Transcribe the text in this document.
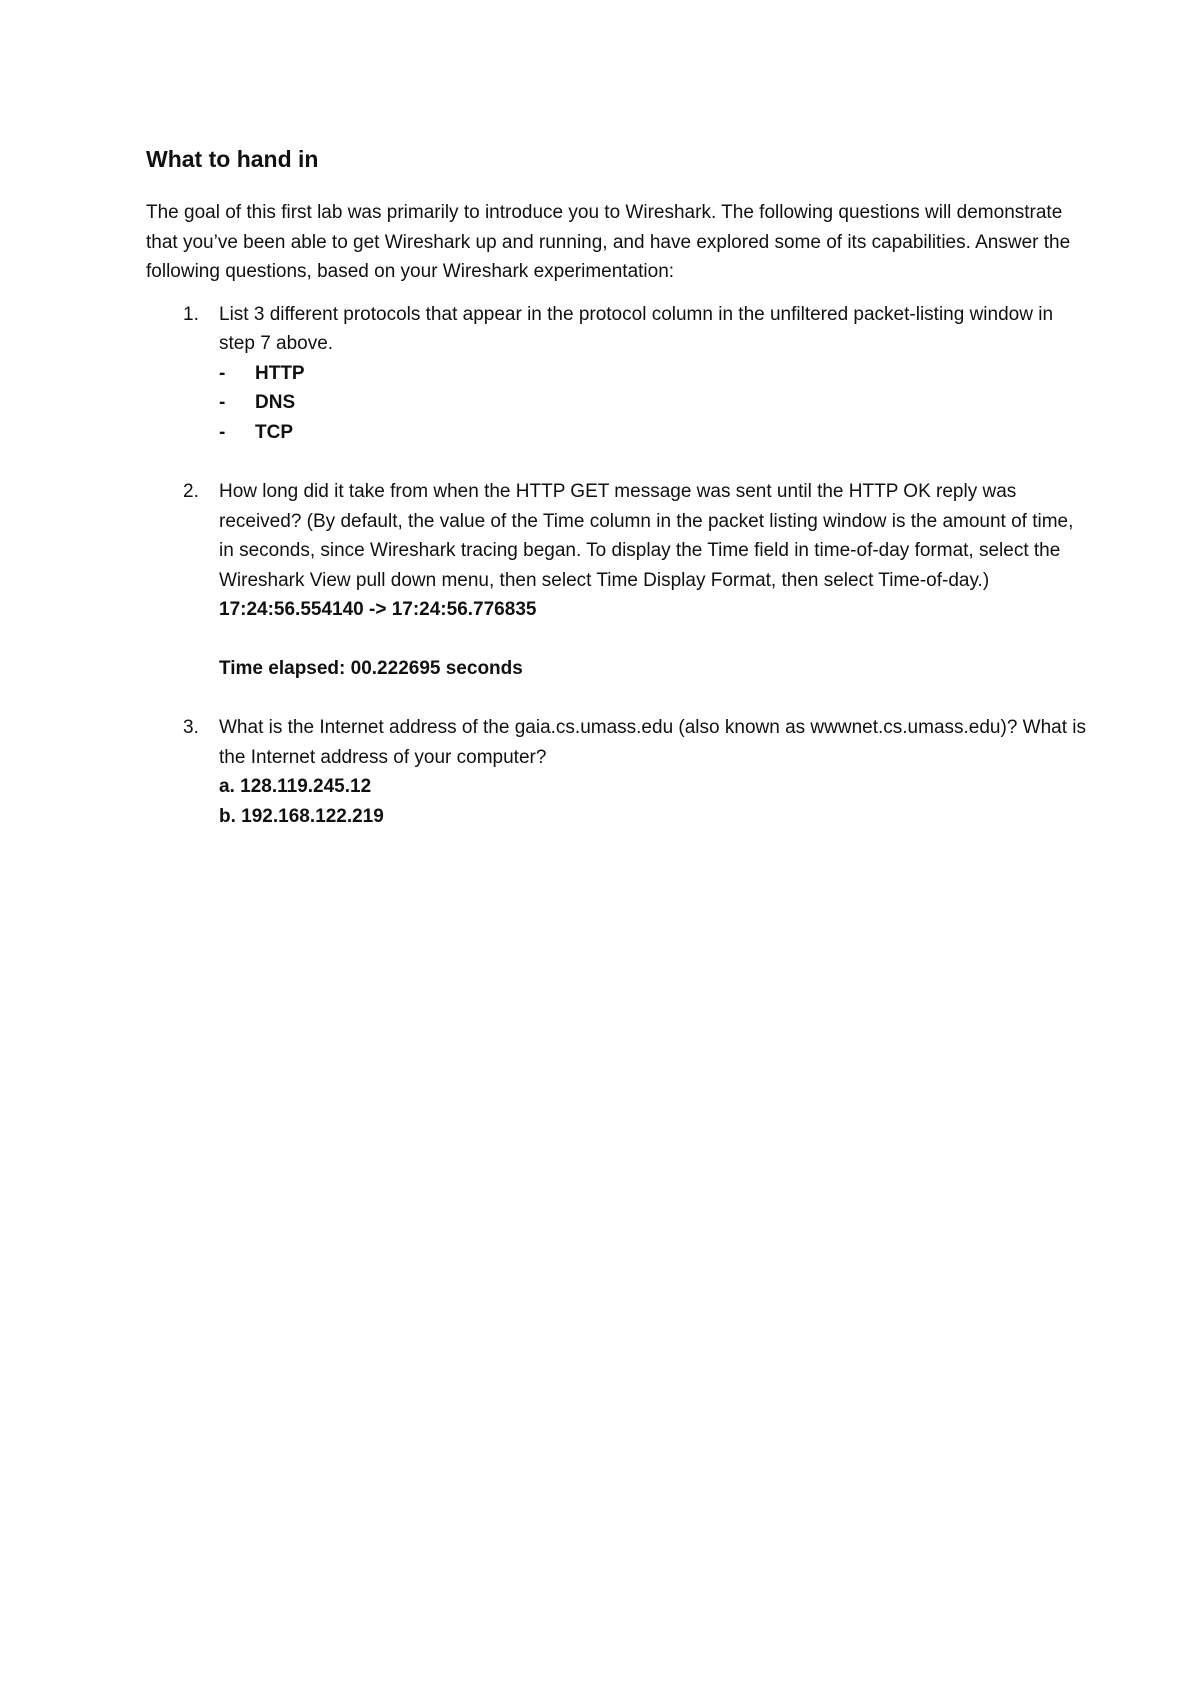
What to hand in

The goal of this first lab was primarily to introduce you to Wireshark. The following questions will demonstrate that you’ve been able to get Wireshark up and running, and have explored some of its capabilities. Answer the following questions, based on your Wireshark experimentation:

1. List 3 different protocols that appear in the protocol column in the unfiltered packet-listing window in step 7 above.

- HTTP
- DNS
- TCP
2. How long did it take from when the HTTP GET message was sent until the HTTP OK reply was received? (By default, the value of the Time column in the packet listing window is the amount of time, in seconds, since Wireshark tracing began. To display the Time field in time-of-day format, select the Wireshark View pull down menu, then select Time Display Format, then select Time-of-day.)

17:24:56.554140 -> 17:24:56.776835

Time elapsed: 00.222695 seconds

3. What is the Internet address of the gaia.cs.umass.edu (also known as wwwnet.cs.umass.edu)? What is the Internet address of your computer?

a. 128.119.245.12

b. 192.168.122.219
